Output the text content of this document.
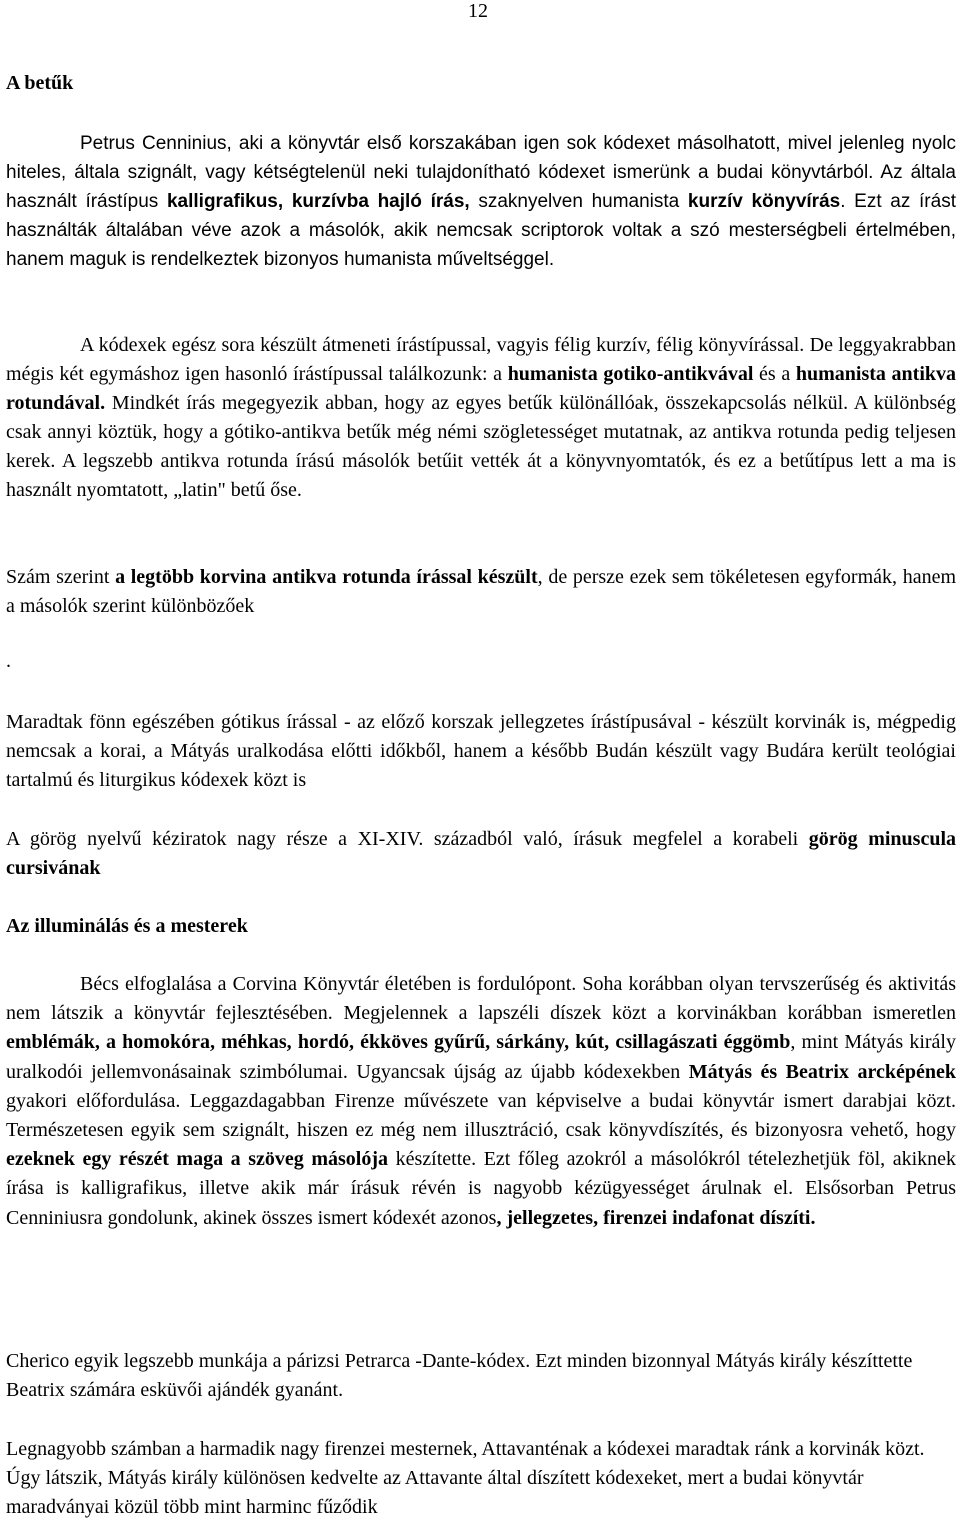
12
A betűk

Petrus Cenninius, aki a könyvtár első korszakában igen sok kódexet másolhatott, mivel jelenleg nyolc hiteles, általa szignált, vagy kétségtelenül neki tulajdonítható kódexet ismerünk a budai könyvtárból. Az általa használt írástípus kalligrafikus, kurzívba hajló írás, szaknyelven humanista kurzív könyvírás. Ezt az írást használták általában véve azok a másolók, akik nemcsak scriptorok voltak a szó mesterségbeli értelmében, hanem maguk is rendelkeztek bizonyos humanista műveltséggel.

A kódexek egész sora készült átmeneti írástípussal, vagyis félig kurzív, félig könyvírással. De leggyakrabban mégis két egymáshoz igen hasonló írástípussal találkozunk: a humanista gotiko-antikvával és a humanista antikva rotundával. Mindkét írás megegyezik abban, hogy az egyes betűk különállóak, összekapcsolás nélkül. A különbség csak annyi köztük, hogy a gótiko-antikva betűk még némi szögletességet mutatnak, az antikva rotunda pedig teljesen kerek. A legszebb antikva rotunda írású másolók betűit vették át a könyvnyomtatók, és ez a betűtípus lett a ma is használt nyomtatott, „latin" betű őse.

Szám szerint a legtöbb korvina antikva rotunda írással készült, de persze ezek sem tökéletesen egyformák, hanem a másolók szerint különbözőek

.

Maradtak fönn egészében gótikus írással - az előző korszak jellegzetes írástípusával - készült korvinák is, mégpedig nemcsak a korai, a Mátyás uralkodása előtti időkből, hanem a később Budán készült vagy Budára került teológiai tartalmú és liturgikus kódexek közt is

A görög nyelvű kéziratok nagy része a XI-XIV. századból való, írásuk megfelel a korabeli görög minuscula cursivának

Az illuminálás és a mesterek

Bécs elfoglalása a Corvina Könyvtár életében is fordulópont. Soha korábban olyan tervszerűség és aktivitás nem látszik a könyvtár fejlesztésében. Megjelennek a lapszéli díszek közt a korvinákban korábban ismeretlen emblémák, a homokóra, méhkas, hordó, ékköves gyűrű, sárkány, kút, csillagászati éggömb, mint Mátyás király uralkodói jellemvonásainak szimbólumai. Ugyancsak újság az újabb kódexekben Mátyás és Beatrix arcképének gyakori előfordulása. Leggazdagabban Firenze művészete van képviselve a budai könyvtár ismert darabjai közt. Természetesen egyik sem szignált, hiszen ez még nem illusztráció, csak könyvdíszítés, és bizonyosra vehető, hogy ezeknek egy részét maga a szöveg másolója készítette. Ezt főleg azokról a másolókról tételezhetjük föl, akiknek írása is kalligrafikus, illetve akik már írásuk révén is nagyobb kézügyességet árulnak el. Elsősorban Petrus Cenniniusra gondolunk, akinek összes ismert kódexét azonos, jellegzetes, firenzei indafonat díszíti.

Cherico egyik legszebb munkája a párizsi Petrarca -Dante-kódex. Ezt minden bizonnyal Mátyás király készíttette Beatrix számára esküvői ajándék gyanánt.

Legnagyobb számban a harmadik nagy firenzei mesternek, Attavanténak a kódexei maradtak ránk a korvinák közt. Úgy látszik, Mátyás király különösen kedvelte az Attavante által díszített kódexeket, mert a budai könyvtár maradványai közül több mint harminc fűződik
